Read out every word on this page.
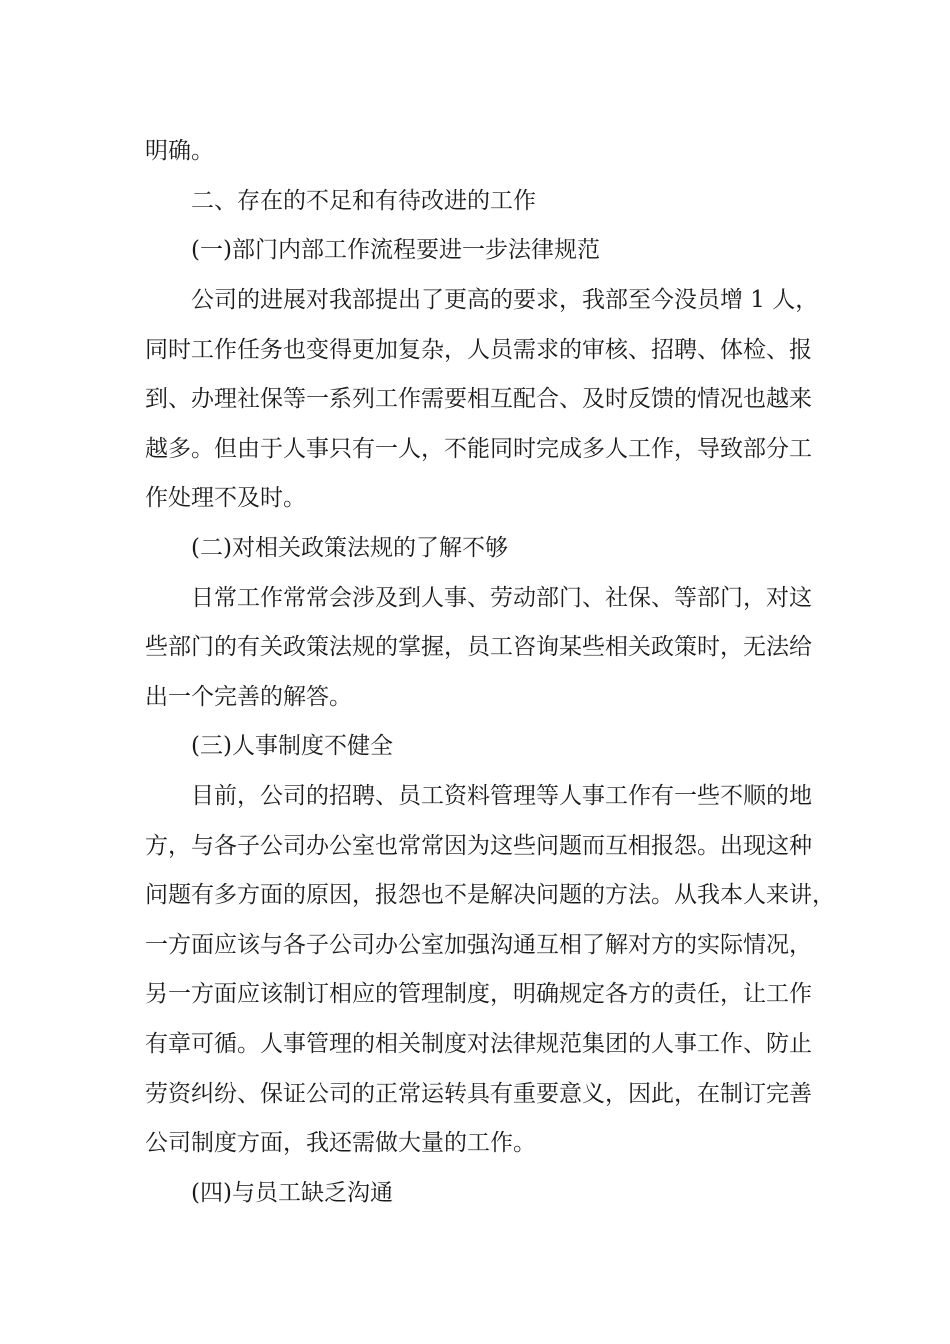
明确。

二、存在的不足和有待改进的工作

(一)部门内部工作流程要进一步法律规范

公司的进展对我部提出了更高的要求，我部至今没员增 1 人，

同时工作任务也变得更加复杂，人员需求的审核、招聘、体检、报

到、办理社保等一系列工作需要相互配合、及时反馈的情况也越来

越多。但由于人事只有一人，不能同时完成多人工作，导致部分工

作处理不及时。

(二)对相关政策法规的了解不够

日常工作常常会涉及到人事、劳动部门、社保、等部门，对这

些部门的有关政策法规的掌握，员工咨询某些相关政策时，无法给

出一个完善的解答。

(三)人事制度不健全

目前，公司的招聘、员工资料管理等人事工作有一些不顺的地

方，与各子公司办公室也常常因为这些问题而互相报怨。出现这种

问题有多方面的原因，报怨也不是解决问题的方法。从我本人来讲，

一方面应该与各子公司办公室加强沟通互相了解对方的实际情况，

另一方面应该制订相应的管理制度，明确规定各方的责任，让工作

有章可循。人事管理的相关制度对法律规范集团的人事工作、防止

劳资纠纷、保证公司的正常运转具有重要意义，因此，在制订完善

公司制度方面，我还需做大量的工作。

(四)与员工缺乏沟通
